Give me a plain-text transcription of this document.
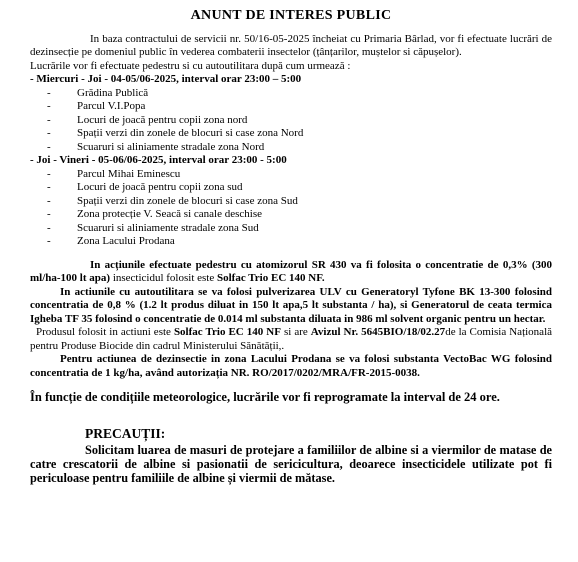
ANUNT DE INTERES PUBLIC

In baza contractului de servicii nr. 50/16-05-2025 încheiat cu Primaria Bârlad, vor fi efectuate lucrări de dezinsecție pe domeniul public în vederea combaterii insectelor (țânțarilor, muștelor si căpușelor).

Lucrările vor fi efectuate pedestru si cu autoutilitara după cum urmează :

- Miercuri - Joi - 04-05/06-2025, interval orar 23:00 – 5:00

- Grădina Publică
- Parcul V.I.Popa
- Locuri de joacă pentru copii zona nord
- Spații verzi din zonele de blocuri si case zona Nord
- Scuaruri si aliniamente stradale zona Nord

- Joi - Vineri - 05-06/06-2025, interval orar 23:00 - 5:00

- Parcul Mihai Eminescu
- Locuri de joacă pentru copii zona sud
- Spații verzi din zonele de blocuri si case zona Sud
- Zona protecție V. Seacă si canale deschise
- Scuaruri si aliniamente stradale zona Sud
- Zona Lacului Prodana

In acțiunile efectuate pedestru cu atomizorul SR 430 va fi folosita o concentratie de 0,3% (300 ml/ha-100 lt apa) insecticidul folosit este Solfac Trio EC 140 NF.

In actiunile cu autoutilitara se va folosi pulverizarea ULV cu Generatoryl Tyfone BK 13-300 folosind concentratia de 0,8 % (1.2 lt produs diluat in 150 lt apa,5 lt substanta / ha), si Generatorul de ceata termica Igheba TF 35 folosind o concentratie de 0.014 ml substanta diluata in 986 ml solvent organic pentru un hectar.

Produsul folosit in actiuni este Solfac Trio EC 140 NF si are Avizul Nr. 5645BIO/18/02.27de la Comisia Națională pentru Produse Biocide din cadrul Ministerului Sănătății,.

Pentru actiunea de dezinsectie in zona Lacului Prodana se va folosi substanta VectoBac WG folosind concentratia de 1 kg/ha, având autorizația NR. RO/2017/0202/MRA/FR-2015-0038.

În funcție de condițiile meteorologice, lucrările vor fi reprogramate la interval de 24 ore.

PRECAUȚII:

Solicitam luarea de masuri de protejare a familiilor de albine si a viermilor de matase de catre crescatorii de albine si pasionatii de sericicultura, deoarece insecticidele utilizate pot fi periculoase pentru familiile de albine și viermii de mătase.
